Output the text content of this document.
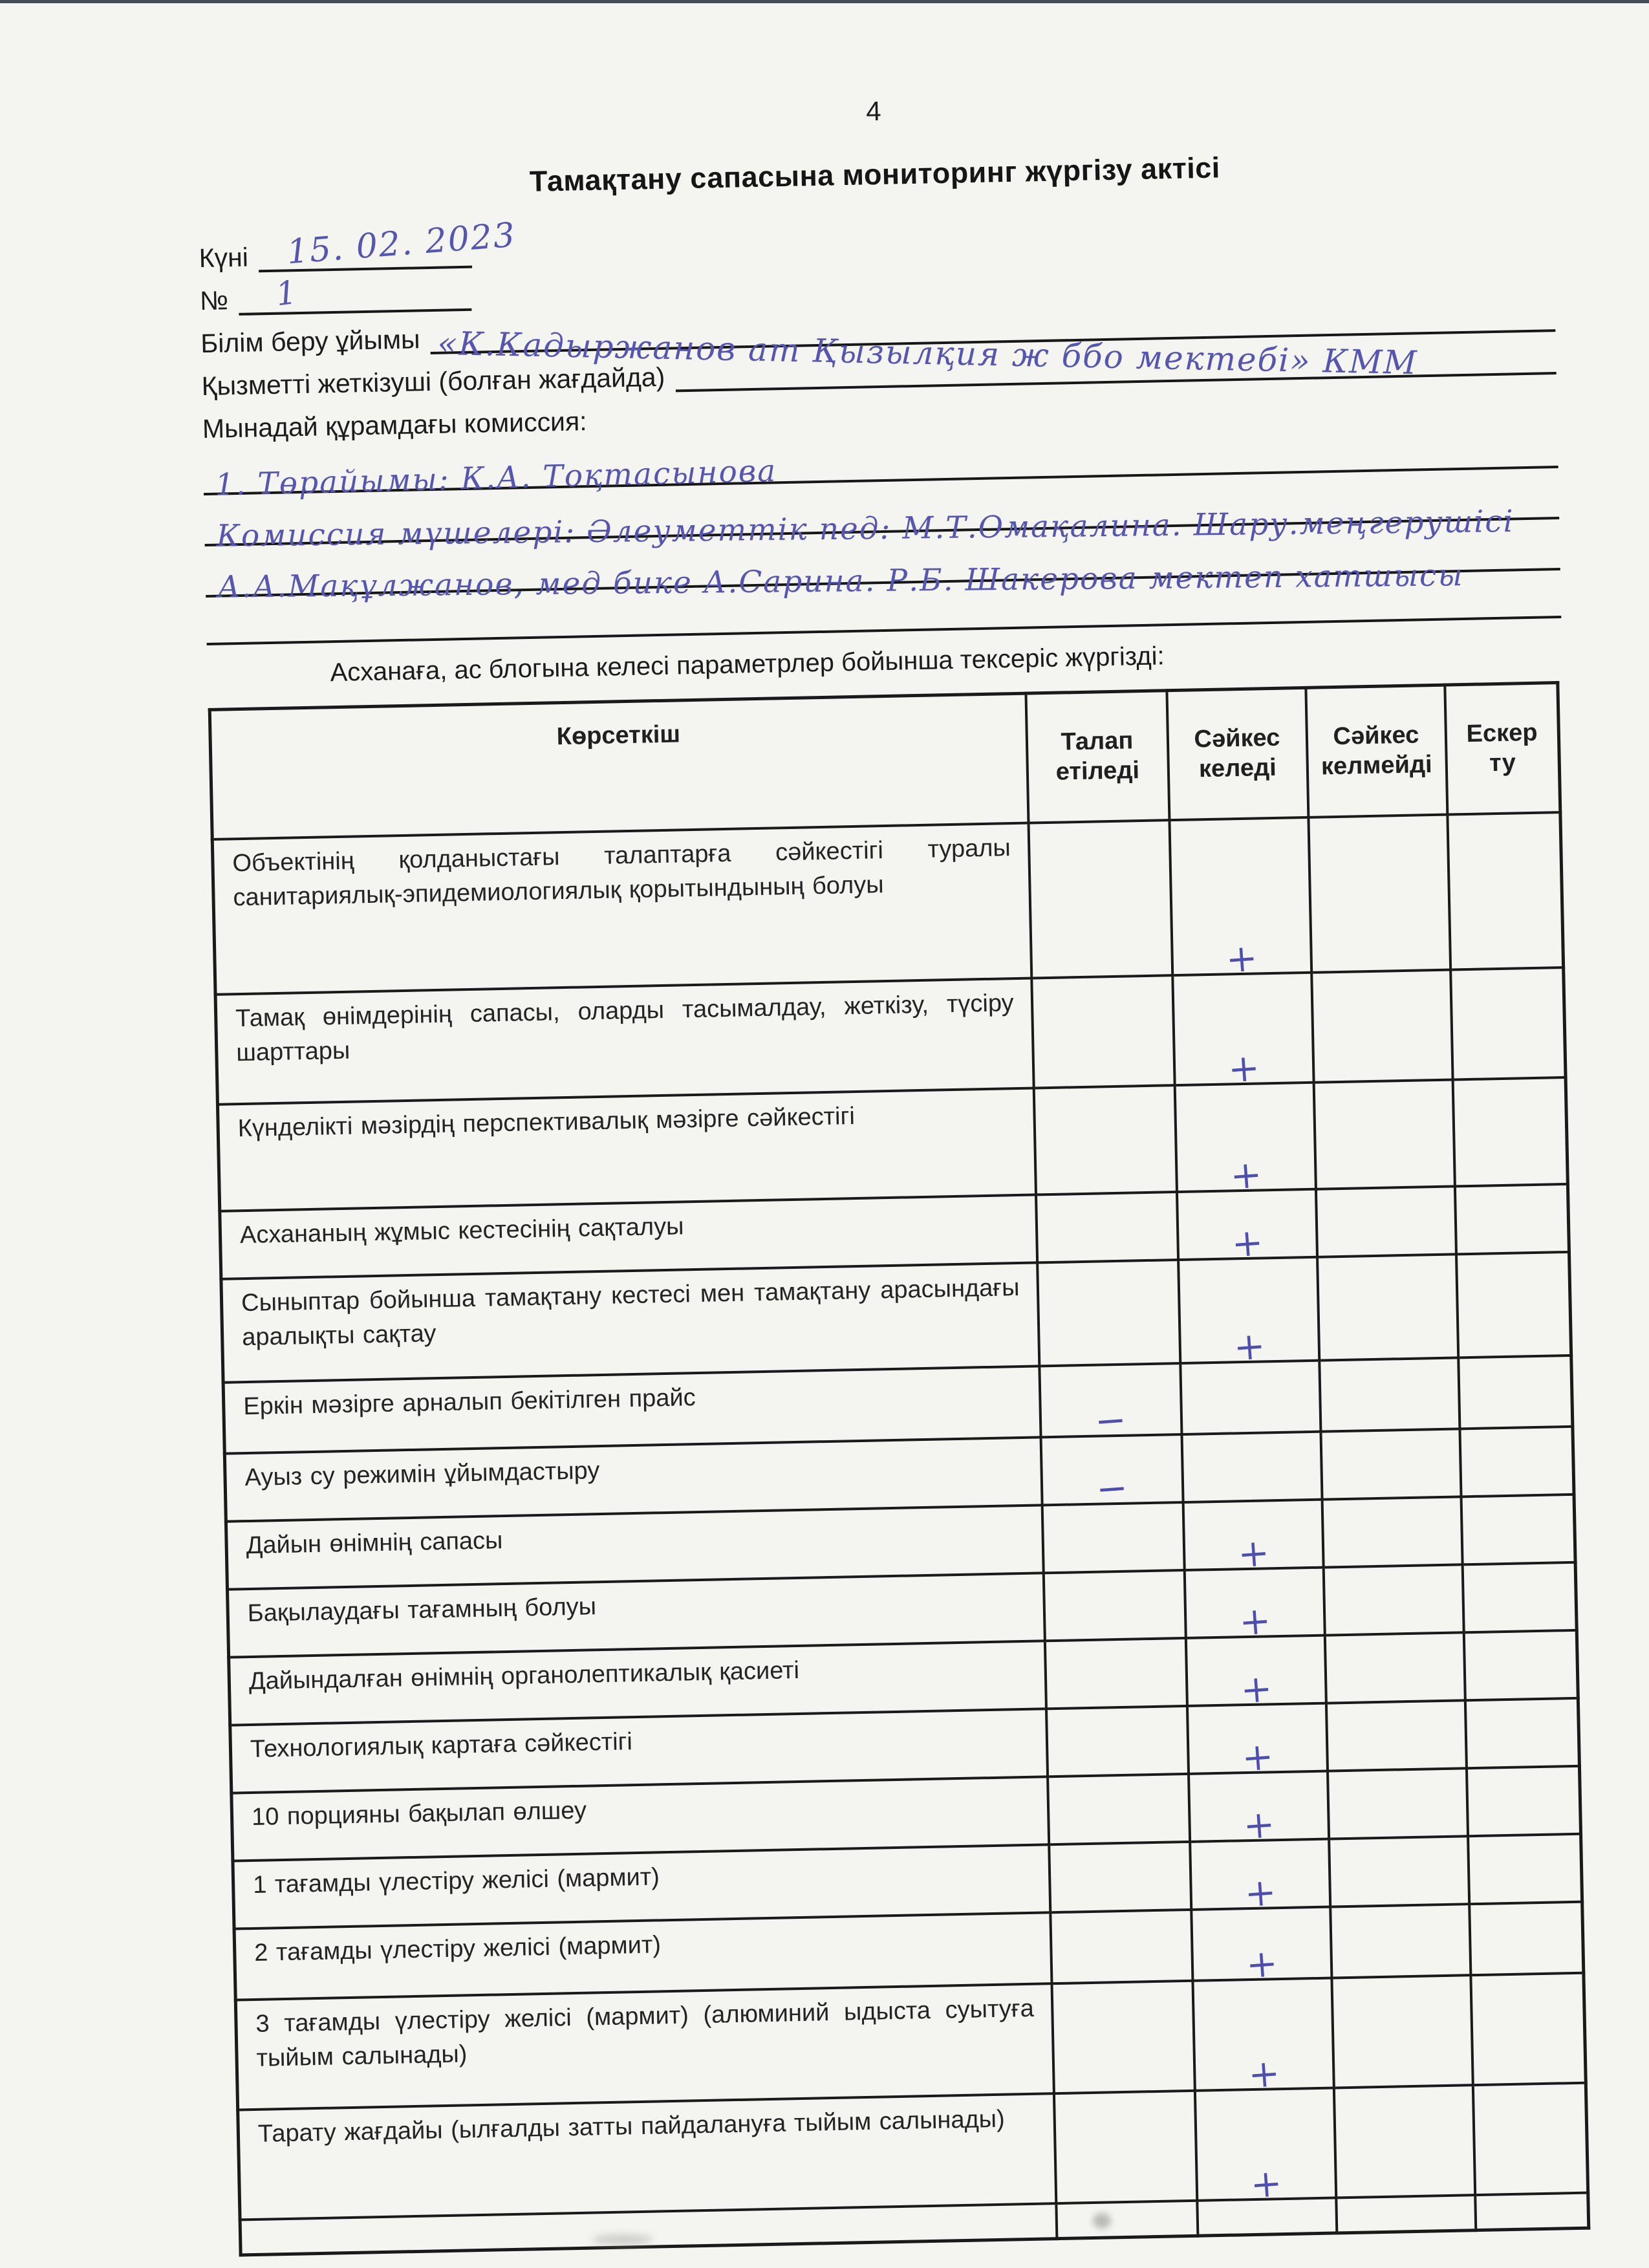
4
Тамақтану сапасына мониторинг жүргізу актісі
Күні	15. 02. 2023
№	1
Білім беру ұйымы «К.Кадыржанов ат Қызылқия ж ббо мектебі» КММ
Қызметті жеткізуші (болған жағдайда)
Мынадай құрамдағы комиссия:
1. Төрайымы: К.А. Тоқтасынова
Комиссия мүшелері: Әлеуметтік пед: М.Т.Омақалина. Шару.меңгерушісі
А.А.Мақұлжанов, мед бике А.Сарина. Р.Б. Шакерова мектеп хатшысы
Асханаға, ас блогына келесі параметрлер бойынша тексеріс жүргізді:
Көрсеткіш	Талап етіледі	Сәйкес келеді	Сәйкес келмейді	Ескер ту
Объектінің қолданыстағы талаптарға сәйкестігі туралы санитариялық-эпидемиологиялық қорытындының болуы		+		
Тамақ өнімдерінің сапасы, оларды тасымалдау, жеткізу, түсіру шарттары		+		
Күнделікті мәзірдің перспективалық мәзірге сәйкестігі		+		
Асхананың жұмыс кестесінің сақталуы		+		
Сыныптар бойынша тамақтану кестесі мен тамақтану арасындағы аралықты сақтау		+		
Еркін мәзірге арналып бекітілген прайс	−			
Ауыз су режимін ұйымдастыру	−			
Дайын өнімнің сапасы		+		
Бақылаудағы тағамның болуы		+		
Дайындалған өнімнің органолептикалық қасиеті		+		
Технологиялық картаға сәйкестігі		+		
10 порцияны бақылап өлшеу		+		
1 тағамды үлестіру желісі (мармит)		+		
2 тағамды үлестіру желісі (мармит)		+		
3 тағамды үлестіру желісі (мармит) (алюминий ыдыста суытуға тыйым салынады)		+		
Тарату жағдайы (ылғалды затты пайдалануға тыйым салынады)		+		
